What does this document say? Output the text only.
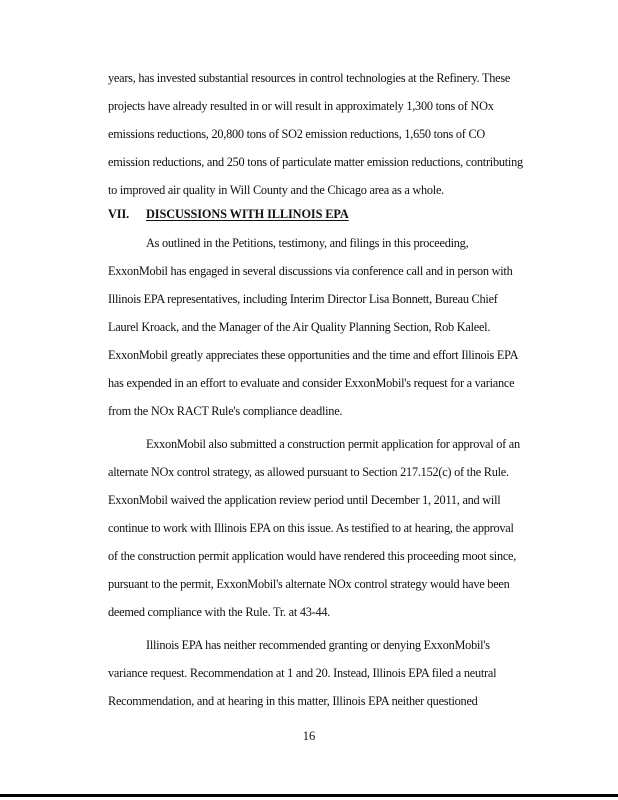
years, has invested substantial resources in control technologies at the Refinery. These
projects have already resulted in or will result in approximately 1,300 tons of NOx
emissions reductions, 20,800 tons of SO2 emission reductions, 1,650 tons of CO
emission reductions, and 250 tons of particulate matter emission reductions, contributing
to improved air quality in Will County and the Chicago area as a whole.
VII. DISCUSSIONS WITH ILLINOIS EPA
As outlined in the Petitions, testimony, and filings in this proceeding,
ExxonMobil has engaged in several discussions via conference call and in person with
Illinois EPA representatives, including Interim Director Lisa Bonnett, Bureau Chief
Laurel Kroack, and the Manager of the Air Quality Planning Section, Rob Kaleel.
ExxonMobil greatly appreciates these opportunities and the time and effort Illinois EPA
has expended in an effort to evaluate and consider ExxonMobil's request for a variance
from the NOx RACT Rule's compliance deadline.
ExxonMobil also submitted a construction permit application for approval of an
alternate NOx control strategy, as allowed pursuant to Section 217.152(c) of the Rule.
ExxonMobil waived the application review period until December 1, 2011, and will
continue to work with Illinois EPA on this issue. As testified to at hearing, the approval
of the construction permit application would have rendered this proceeding moot since,
pursuant to the permit, ExxonMobil's alternate NOx control strategy would have been
deemed compliance with the Rule. Tr. at 43-44.
Illinois EPA has neither recommended granting or denying ExxonMobil's
variance request. Recommendation at 1 and 20. Instead, Illinois EPA filed a neutral
Recommendation, and at hearing in this matter, Illinois EPA neither questioned
16
